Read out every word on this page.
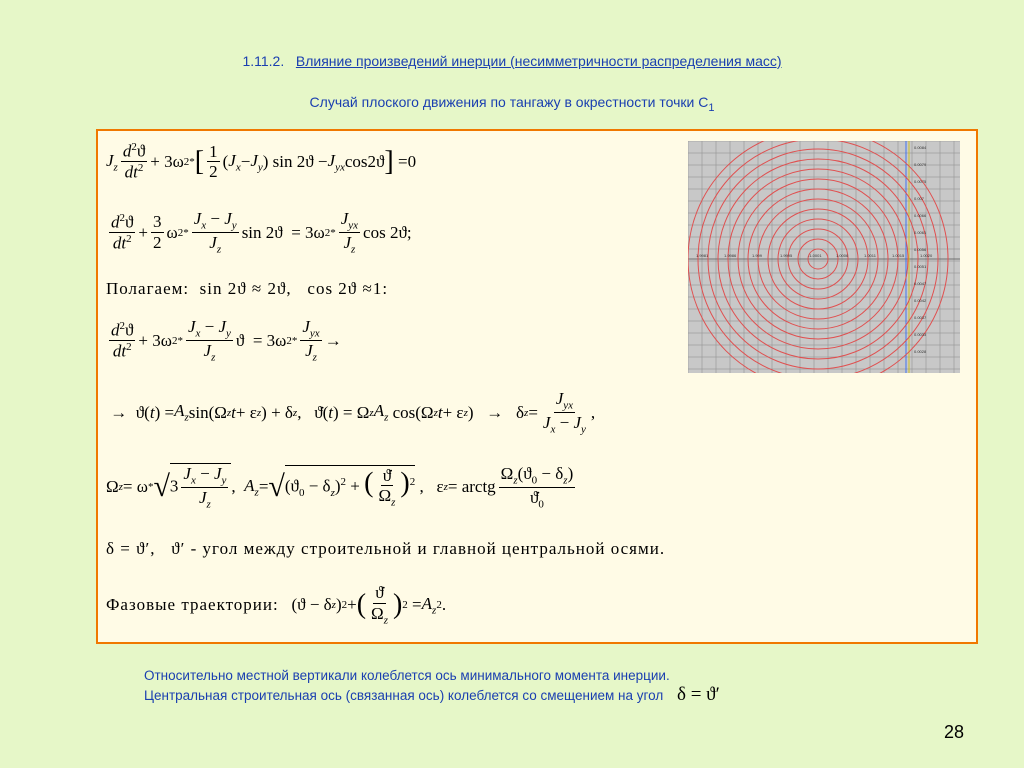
1.11.2. Влияние произведений инерции (несимметричности распределения масс)
Случай плоского движения по тангажу в окрестности точки $С_1$
$J_z \frac{d^2ϑ}{dt^2} + 3\omega$ 2 * [ $\frac{1}{2}$ ( $J_x - J_y$ ) $\sin 2ϑ - J_{yx}$ cos2ϑ ] = 0
$\frac{d^2ϑ}{dt^2} + \frac{3}{2}$ ω $2 * \frac{J_x - J_y}{J_z}$ sin 2ϑ  = 3ω $2 * \frac{J_{yx}}{J_z}$ cos 2ϑ;
Полагаем: sin 2ϑ ≈ 2ϑ,   cos 2ϑ ≈ 1 :
$\frac{d^2ϑ}{dt^2} + 3\omega$ $2 * \frac{J_x - J_y}{J_z}$ ϑ  = 3ω $2 * \frac{J_{yx}}{J_z}$ →
→  ϑ( t ) = $A_z$ sin(Ω z t + ε z ) + δ z ,   ϑ̇( t ) = Ω z $A_z$ cos(Ω z t + ε z )   →   δ $z = \frac{J_{yx}}{J_x - J_y}$ ,
Ω z = ω * √ $3 \frac{J_x - J_y}{J_z}$ , $A_z$ = √ $(ϑ_0 - \delta_z)^2$ + ( $\frac{ϑ̇}{\Omega_z} )^2$ ,   ε z = arctg $\frac{\Omega_z(ϑ_0 - \delta_z)}{ϑ̇_0}$
δ = ϑ′,   ϑ′ - угол между строительной и главной центральной осями.
Фазовые траектории: (ϑ − δ z ) 2 + ( $\frac{ϑ̇}{\Omega_z}$ ) $2 = A_z$ 2 .
1.9981	1.9986	1.999	1.9995	-1.0001	1.0006	1.0011	1.0015	1.0020
0.0084
0.0079
0.0075
0.007
0.0066
0.0061
0.0056
0.0051
0.0047
0.0042
0.0037
0.0033
0.0028
Относительно местной вертикали колеблется ось минимального момента инерции.
Центральная строительная ось (связанная ось) колеблется со смещением на угол δ = ϑ′
28
